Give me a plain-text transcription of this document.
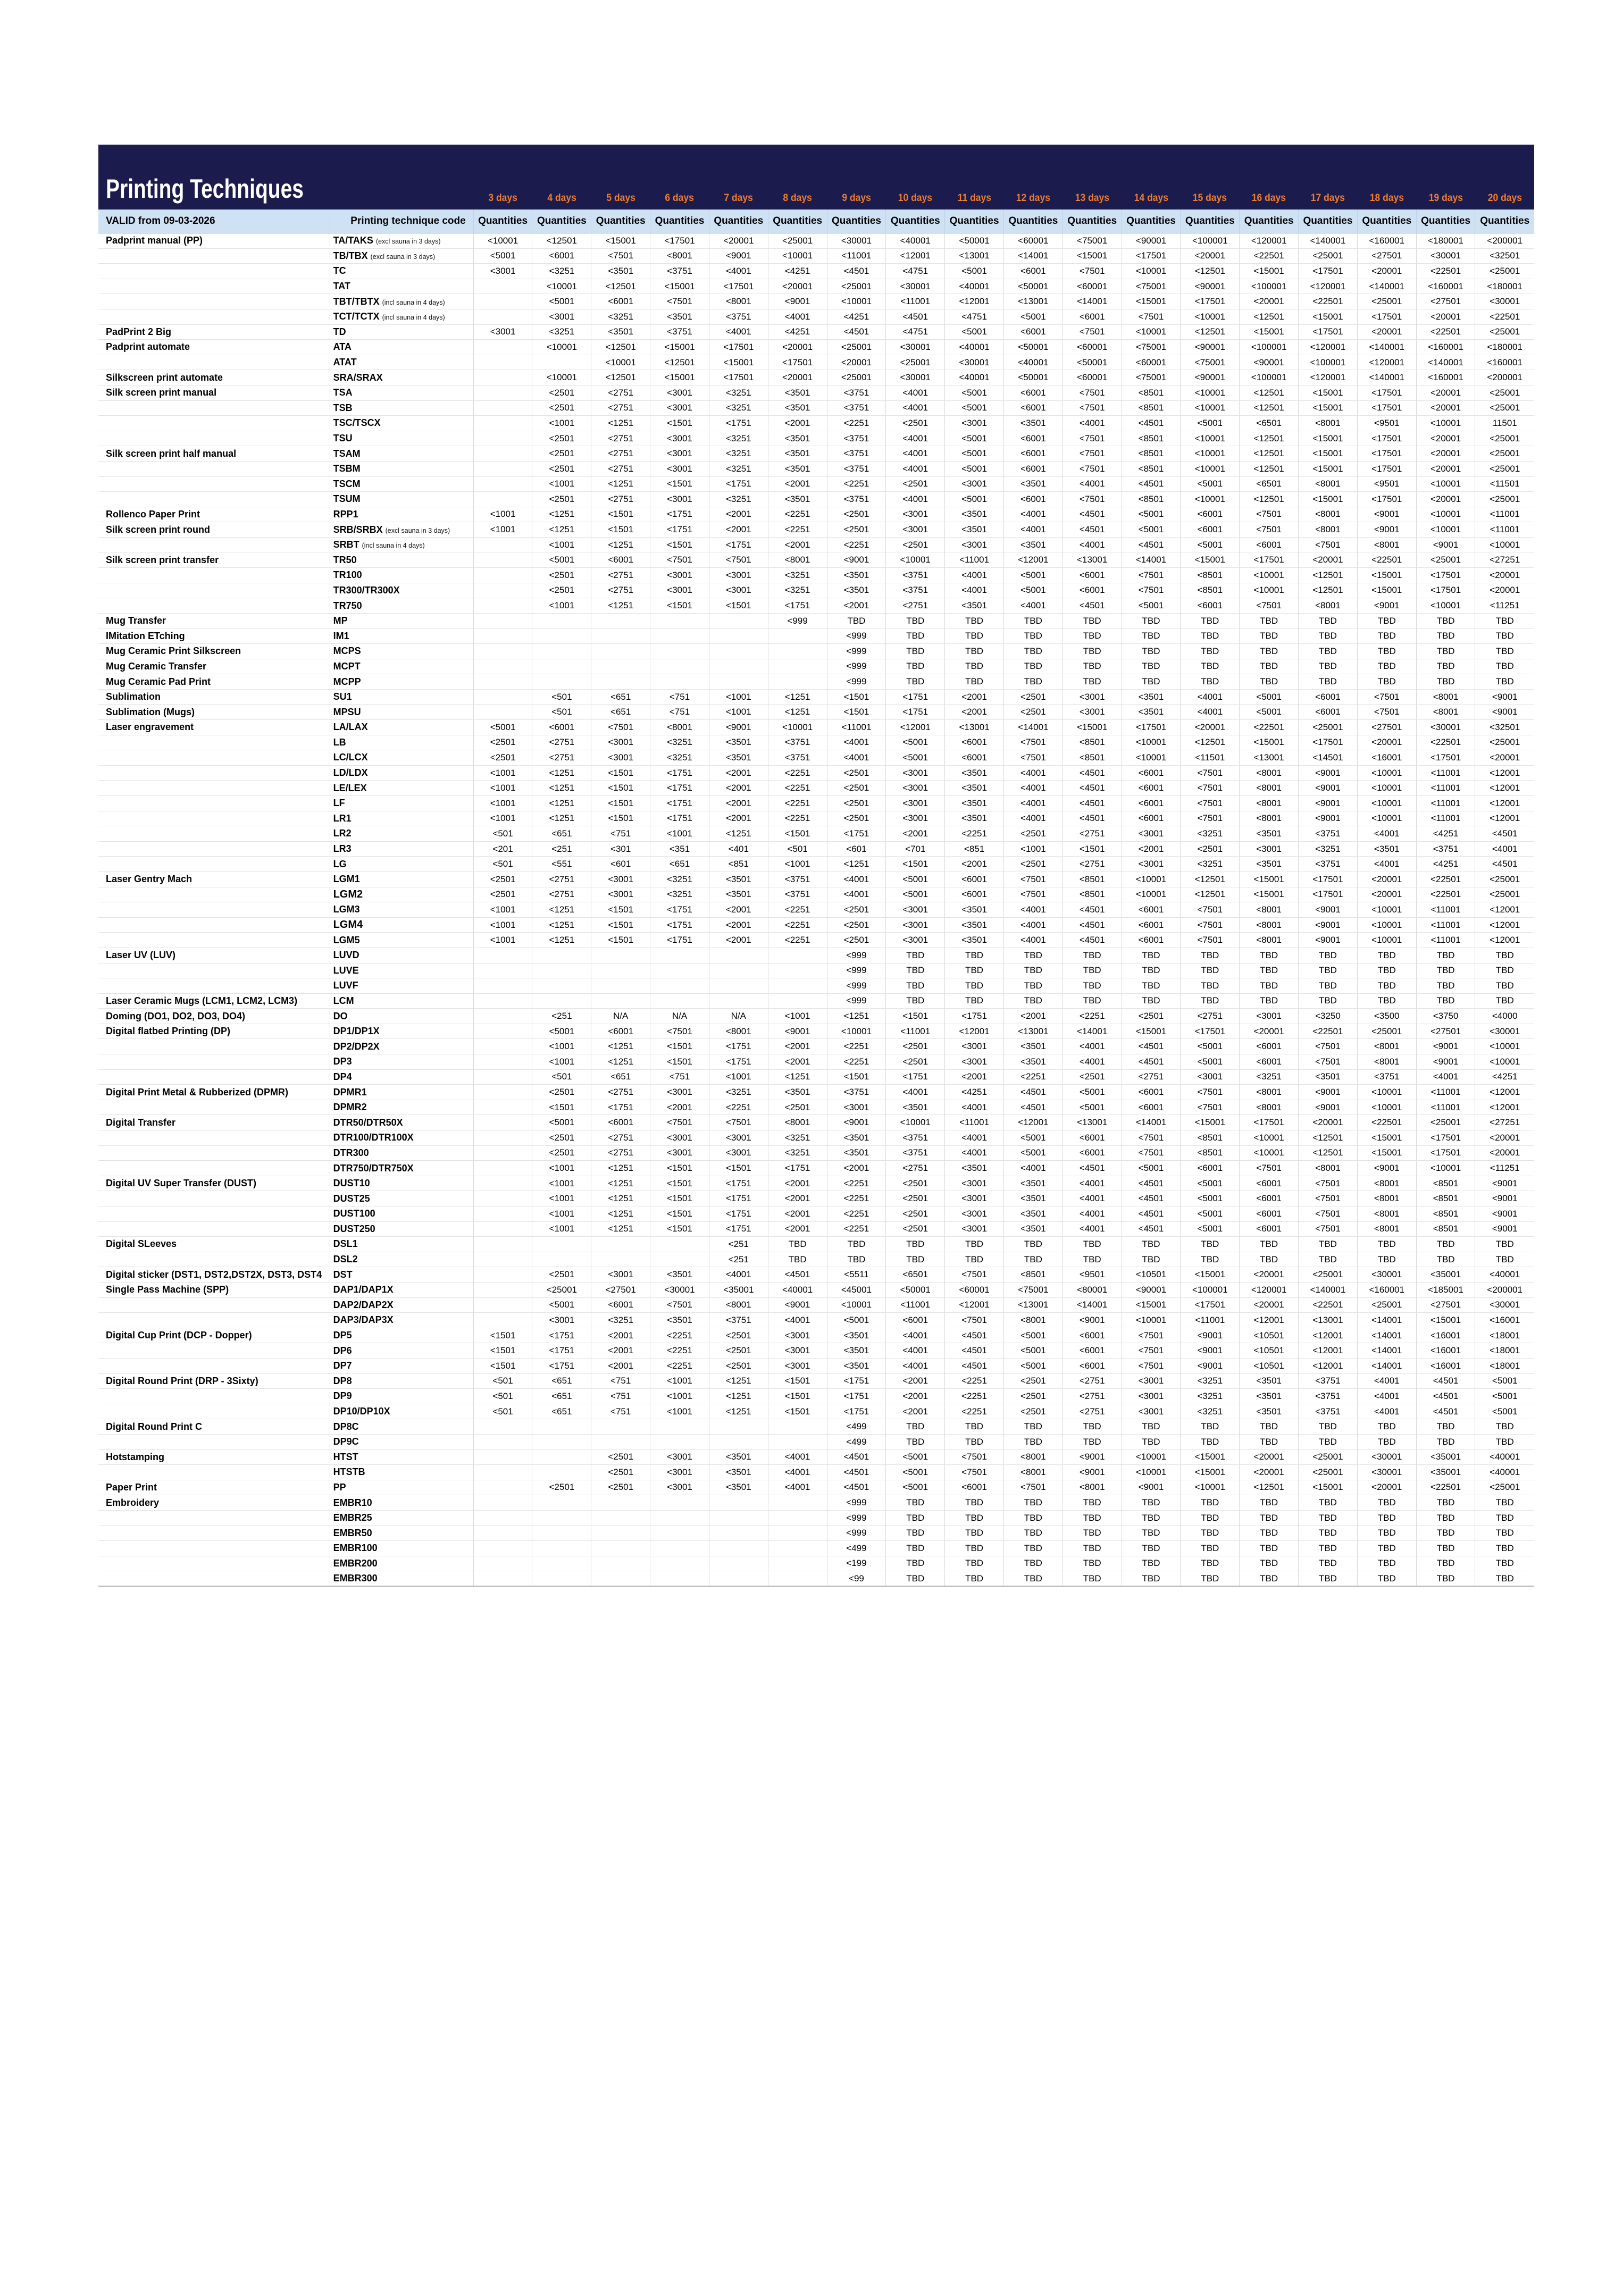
Printing Techniques		3 days	4 days	5 days	6 days	7 days	8 days	9 days	10 days	11 days	12 days	13 days	14 days	15 days	16 days	17 days	18 days	19 days	20 days
VALID from 09-03-2026	Printing technique code	Quantities	Quantities	Quantities	Quantities	Quantities	Quantities	Quantities	Quantities	Quantities	Quantities	Quantities	Quantities	Quantities	Quantities	Quantities	Quantities	Quantities	Quantities
Padprint manual (PP)	TA/TAKS (excl sauna in 3 days)	<10001	<12501	<15001	<17501	<20001	<25001	<30001	<40001	<50001	<60001	<75001	<90001	<100001	<120001	<140001	<160001	<180001	<200001
	TB/TBX (excl sauna in 3 days)	<5001	<6001	<7501	<8001	<9001	<10001	<11001	<12001	<13001	<14001	<15001	<17501	<20001	<22501	<25001	<27501	<30001	<32501
	TC	<3001	<3251	<3501	<3751	<4001	<4251	<4501	<4751	<5001	<6001	<7501	<10001	<12501	<15001	<17501	<20001	<22501	<25001
	TAT		<10001	<12501	<15001	<17501	<20001	<25001	<30001	<40001	<50001	<60001	<75001	<90001	<100001	<120001	<140001	<160001	<180001
	TBT/TBTX (incl sauna in 4 days)		<5001	<6001	<7501	<8001	<9001	<10001	<11001	<12001	<13001	<14001	<15001	<17501	<20001	<22501	<25001	<27501	<30001
	TCT/TCTX (incl sauna in 4 days)		<3001	<3251	<3501	<3751	<4001	<4251	<4501	<4751	<5001	<6001	<7501	<10001	<12501	<15001	<17501	<20001	<22501
PadPrint 2 Big	TD	<3001	<3251	<3501	<3751	<4001	<4251	<4501	<4751	<5001	<6001	<7501	<10001	<12501	<15001	<17501	<20001	<22501	<25001
Padprint automate	ATA		<10001	<12501	<15001	<17501	<20001	<25001	<30001	<40001	<50001	<60001	<75001	<90001	<100001	<120001	<140001	<160001	<180001
	ATAT			<10001	<12501	<15001	<17501	<20001	<25001	<30001	<40001	<50001	<60001	<75001	<90001	<100001	<120001	<140001	<160001
Silkscreen print automate	SRA/SRAX		<10001	<12501	<15001	<17501	<20001	<25001	<30001	<40001	<50001	<60001	<75001	<90001	<100001	<120001	<140001	<160001	<200001
Silk screen print manual	TSA		<2501	<2751	<3001	<3251	<3501	<3751	<4001	<5001	<6001	<7501	<8501	<10001	<12501	<15001	<17501	<20001	<25001
	TSB		<2501	<2751	<3001	<3251	<3501	<3751	<4001	<5001	<6001	<7501	<8501	<10001	<12501	<15001	<17501	<20001	<25001
	TSC/TSCX		<1001	<1251	<1501	<1751	<2001	<2251	<2501	<3001	<3501	<4001	<4501	<5001	<6501	<8001	<9501	<10001	11501
	TSU		<2501	<2751	<3001	<3251	<3501	<3751	<4001	<5001	<6001	<7501	<8501	<10001	<12501	<15001	<17501	<20001	<25001
Silk screen print half manual	TSAM		<2501	<2751	<3001	<3251	<3501	<3751	<4001	<5001	<6001	<7501	<8501	<10001	<12501	<15001	<17501	<20001	<25001
	TSBM		<2501	<2751	<3001	<3251	<3501	<3751	<4001	<5001	<6001	<7501	<8501	<10001	<12501	<15001	<17501	<20001	<25001
	TSCM		<1001	<1251	<1501	<1751	<2001	<2251	<2501	<3001	<3501	<4001	<4501	<5001	<6501	<8001	<9501	<10001	<11501
	TSUM		<2501	<2751	<3001	<3251	<3501	<3751	<4001	<5001	<6001	<7501	<8501	<10001	<12501	<15001	<17501	<20001	<25001
Rollenco Paper Print	RPP1	<1001	<1251	<1501	<1751	<2001	<2251	<2501	<3001	<3501	<4001	<4501	<5001	<6001	<7501	<8001	<9001	<10001	<11001
Silk screen print round	SRB/SRBX (excl sauna in 3 days)	<1001	<1251	<1501	<1751	<2001	<2251	<2501	<3001	<3501	<4001	<4501	<5001	<6001	<7501	<8001	<9001	<10001	<11001
	SRBT (incl sauna in 4 days)		<1001	<1251	<1501	<1751	<2001	<2251	<2501	<3001	<3501	<4001	<4501	<5001	<6001	<7501	<8001	<9001	<10001
Silk screen print transfer	TR50		<5001	<6001	<7501	<7501	<8001	<9001	<10001	<11001	<12001	<13001	<14001	<15001	<17501	<20001	<22501	<25001	<27251
	TR100		<2501	<2751	<3001	<3001	<3251	<3501	<3751	<4001	<5001	<6001	<7501	<8501	<10001	<12501	<15001	<17501	<20001
	TR300/TR300X		<2501	<2751	<3001	<3001	<3251	<3501	<3751	<4001	<5001	<6001	<7501	<8501	<10001	<12501	<15001	<17501	<20001
	TR750		<1001	<1251	<1501	<1501	<1751	<2001	<2751	<3501	<4001	<4501	<5001	<6001	<7501	<8001	<9001	<10001	<11251
Mug Transfer	MP						<999	TBD	TBD	TBD	TBD	TBD	TBD	TBD	TBD	TBD	TBD	TBD	TBD
IMitation ETching	IM1							<999	TBD	TBD	TBD	TBD	TBD	TBD	TBD	TBD	TBD	TBD	TBD
Mug Ceramic Print Silkscreen	MCPS							<999	TBD	TBD	TBD	TBD	TBD	TBD	TBD	TBD	TBD	TBD	TBD
Mug Ceramic Transfer	MCPT							<999	TBD	TBD	TBD	TBD	TBD	TBD	TBD	TBD	TBD	TBD	TBD
Mug Ceramic Pad Print	MCPP							<999	TBD	TBD	TBD	TBD	TBD	TBD	TBD	TBD	TBD	TBD	TBD
Sublimation	SU1		<501	<651	<751	<1001	<1251	<1501	<1751	<2001	<2501	<3001	<3501	<4001	<5001	<6001	<7501	<8001	<9001
Sublimation (Mugs)	MPSU		<501	<651	<751	<1001	<1251	<1501	<1751	<2001	<2501	<3001	<3501	<4001	<5001	<6001	<7501	<8001	<9001
Laser engravement	LA/LAX	<5001	<6001	<7501	<8001	<9001	<10001	<11001	<12001	<13001	<14001	<15001	<17501	<20001	<22501	<25001	<27501	<30001	<32501
	LB	<2501	<2751	<3001	<3251	<3501	<3751	<4001	<5001	<6001	<7501	<8501	<10001	<12501	<15001	<17501	<20001	<22501	<25001
	LC/LCX	<2501	<2751	<3001	<3251	<3501	<3751	<4001	<5001	<6001	<7501	<8501	<10001	<11501	<13001	<14501	<16001	<17501	<20001
	LD/LDX	<1001	<1251	<1501	<1751	<2001	<2251	<2501	<3001	<3501	<4001	<4501	<6001	<7501	<8001	<9001	<10001	<11001	<12001
	LE/LEX	<1001	<1251	<1501	<1751	<2001	<2251	<2501	<3001	<3501	<4001	<4501	<6001	<7501	<8001	<9001	<10001	<11001	<12001
	LF	<1001	<1251	<1501	<1751	<2001	<2251	<2501	<3001	<3501	<4001	<4501	<6001	<7501	<8001	<9001	<10001	<11001	<12001
	LR1	<1001	<1251	<1501	<1751	<2001	<2251	<2501	<3001	<3501	<4001	<4501	<6001	<7501	<8001	<9001	<10001	<11001	<12001
	LR2	<501	<651	<751	<1001	<1251	<1501	<1751	<2001	<2251	<2501	<2751	<3001	<3251	<3501	<3751	<4001	<4251	<4501
	LR3	<201	<251	<301	<351	<401	<501	<601	<701	<851	<1001	<1501	<2001	<2501	<3001	<3251	<3501	<3751	<4001
	LG	<501	<551	<601	<651	<851	<1001	<1251	<1501	<2001	<2501	<2751	<3001	<3251	<3501	<3751	<4001	<4251	<4501
Laser Gentry Mach	LGM1	<2501	<2751	<3001	<3251	<3501	<3751	<4001	<5001	<6001	<7501	<8501	<10001	<12501	<15001	<17501	<20001	<22501	<25001
	LGM2	<2501	<2751	<3001	<3251	<3501	<3751	<4001	<5001	<6001	<7501	<8501	<10001	<12501	<15001	<17501	<20001	<22501	<25001
	LGM3	<1001	<1251	<1501	<1751	<2001	<2251	<2501	<3001	<3501	<4001	<4501	<6001	<7501	<8001	<9001	<10001	<11001	<12001
	LGM4	<1001	<1251	<1501	<1751	<2001	<2251	<2501	<3001	<3501	<4001	<4501	<6001	<7501	<8001	<9001	<10001	<11001	<12001
	LGM5	<1001	<1251	<1501	<1751	<2001	<2251	<2501	<3001	<3501	<4001	<4501	<6001	<7501	<8001	<9001	<10001	<11001	<12001
Laser UV (LUV)	LUVD							<999	TBD	TBD	TBD	TBD	TBD	TBD	TBD	TBD	TBD	TBD	TBD
	LUVE							<999	TBD	TBD	TBD	TBD	TBD	TBD	TBD	TBD	TBD	TBD	TBD
	LUVF							<999	TBD	TBD	TBD	TBD	TBD	TBD	TBD	TBD	TBD	TBD	TBD
Laser Ceramic Mugs (LCM1, LCM2, LCM3)	LCM							<999	TBD	TBD	TBD	TBD	TBD	TBD	TBD	TBD	TBD	TBD	TBD
Doming (DO1, DO2, DO3, DO4)	DO		<251	N/A	N/A	N/A	<1001	<1251	<1501	<1751	<2001	<2251	<2501	<2751	<3001	<3250	<3500	<3750	<4000
Digital flatbed Printing (DP)	DP1/DP1X		<5001	<6001	<7501	<8001	<9001	<10001	<11001	<12001	<13001	<14001	<15001	<17501	<20001	<22501	<25001	<27501	<30001
	DP2/DP2X		<1001	<1251	<1501	<1751	<2001	<2251	<2501	<3001	<3501	<4001	<4501	<5001	<6001	<7501	<8001	<9001	<10001
	DP3		<1001	<1251	<1501	<1751	<2001	<2251	<2501	<3001	<3501	<4001	<4501	<5001	<6001	<7501	<8001	<9001	<10001
	DP4		<501	<651	<751	<1001	<1251	<1501	<1751	<2001	<2251	<2501	<2751	<3001	<3251	<3501	<3751	<4001	<4251
Digital Print Metal & Rubberized (DPMR)	DPMR1		<2501	<2751	<3001	<3251	<3501	<3751	<4001	<4251	<4501	<5001	<6001	<7501	<8001	<9001	<10001	<11001	<12001
	DPMR2		<1501	<1751	<2001	<2251	<2501	<3001	<3501	<4001	<4501	<5001	<6001	<7501	<8001	<9001	<10001	<11001	<12001
Digital Transfer	DTR50/DTR50X		<5001	<6001	<7501	<7501	<8001	<9001	<10001	<11001	<12001	<13001	<14001	<15001	<17501	<20001	<22501	<25001	<27251
	DTR100/DTR100X		<2501	<2751	<3001	<3001	<3251	<3501	<3751	<4001	<5001	<6001	<7501	<8501	<10001	<12501	<15001	<17501	<20001
	DTR300		<2501	<2751	<3001	<3001	<3251	<3501	<3751	<4001	<5001	<6001	<7501	<8501	<10001	<12501	<15001	<17501	<20001
	DTR750/DTR750X		<1001	<1251	<1501	<1501	<1751	<2001	<2751	<3501	<4001	<4501	<5001	<6001	<7501	<8001	<9001	<10001	<11251
Digital UV Super Transfer (DUST)	DUST10		<1001	<1251	<1501	<1751	<2001	<2251	<2501	<3001	<3501	<4001	<4501	<5001	<6001	<7501	<8001	<8501	<9001
	DUST25		<1001	<1251	<1501	<1751	<2001	<2251	<2501	<3001	<3501	<4001	<4501	<5001	<6001	<7501	<8001	<8501	<9001
	DUST100		<1001	<1251	<1501	<1751	<2001	<2251	<2501	<3001	<3501	<4001	<4501	<5001	<6001	<7501	<8001	<8501	<9001
	DUST250		<1001	<1251	<1501	<1751	<2001	<2251	<2501	<3001	<3501	<4001	<4501	<5001	<6001	<7501	<8001	<8501	<9001
Digital SLeeves	DSL1					<251	TBD	TBD	TBD	TBD	TBD	TBD	TBD	TBD	TBD	TBD	TBD	TBD	TBD
	DSL2					<251	TBD	TBD	TBD	TBD	TBD	TBD	TBD	TBD	TBD	TBD	TBD	TBD	TBD
Digital sticker (DST1, DST2,DST2X, DST3, DST4	DST		<2501	<3001	<3501	<4001	<4501	<5511	<6501	<7501	<8501	<9501	<10501	<15001	<20001	<25001	<30001	<35001	<40001
Single Pass Machine (SPP)	DAP1/DAP1X		<25001	<27501	<30001	<35001	<40001	<45001	<50001	<60001	<75001	<80001	<90001	<100001	<120001	<140001	<160001	<185001	<200001
	DAP2/DAP2X		<5001	<6001	<7501	<8001	<9001	<10001	<11001	<12001	<13001	<14001	<15001	<17501	<20001	<22501	<25001	<27501	<30001
	DAP3/DAP3X		<3001	<3251	<3501	<3751	<4001	<5001	<6001	<7501	<8001	<9001	<10001	<11001	<12001	<13001	<14001	<15001	<16001
Digital Cup Print (DCP - Dopper)	DP5	<1501	<1751	<2001	<2251	<2501	<3001	<3501	<4001	<4501	<5001	<6001	<7501	<9001	<10501	<12001	<14001	<16001	<18001
	DP6	<1501	<1751	<2001	<2251	<2501	<3001	<3501	<4001	<4501	<5001	<6001	<7501	<9001	<10501	<12001	<14001	<16001	<18001
	DP7	<1501	<1751	<2001	<2251	<2501	<3001	<3501	<4001	<4501	<5001	<6001	<7501	<9001	<10501	<12001	<14001	<16001	<18001
Digital Round Print (DRP - 3Sixty)	DP8	<501	<651	<751	<1001	<1251	<1501	<1751	<2001	<2251	<2501	<2751	<3001	<3251	<3501	<3751	<4001	<4501	<5001
	DP9	<501	<651	<751	<1001	<1251	<1501	<1751	<2001	<2251	<2501	<2751	<3001	<3251	<3501	<3751	<4001	<4501	<5001
	DP10/DP10X	<501	<651	<751	<1001	<1251	<1501	<1751	<2001	<2251	<2501	<2751	<3001	<3251	<3501	<3751	<4001	<4501	<5001
Digital Round Print C	DP8C							<499	TBD	TBD	TBD	TBD	TBD	TBD	TBD	TBD	TBD	TBD	TBD
	DP9C							<499	TBD	TBD	TBD	TBD	TBD	TBD	TBD	TBD	TBD	TBD	TBD
Hotstamping	HTST			<2501	<3001	<3501	<4001	<4501	<5001	<7501	<8001	<9001	<10001	<15001	<20001	<25001	<30001	<35001	<40001
	HTSTB			<2501	<3001	<3501	<4001	<4501	<5001	<7501	<8001	<9001	<10001	<15001	<20001	<25001	<30001	<35001	<40001
Paper Print	PP		<2501	<2501	<3001	<3501	<4001	<4501	<5001	<6001	<7501	<8001	<9001	<10001	<12501	<15001	<20001	<22501	<25001
Embroidery	EMBR10							<999	TBD	TBD	TBD	TBD	TBD	TBD	TBD	TBD	TBD	TBD	TBD
	EMBR25							<999	TBD	TBD	TBD	TBD	TBD	TBD	TBD	TBD	TBD	TBD	TBD
	EMBR50							<999	TBD	TBD	TBD	TBD	TBD	TBD	TBD	TBD	TBD	TBD	TBD
	EMBR100							<499	TBD	TBD	TBD	TBD	TBD	TBD	TBD	TBD	TBD	TBD	TBD
	EMBR200							<199	TBD	TBD	TBD	TBD	TBD	TBD	TBD	TBD	TBD	TBD	TBD
	EMBR300							<99	TBD	TBD	TBD	TBD	TBD	TBD	TBD	TBD	TBD	TBD	TBD
